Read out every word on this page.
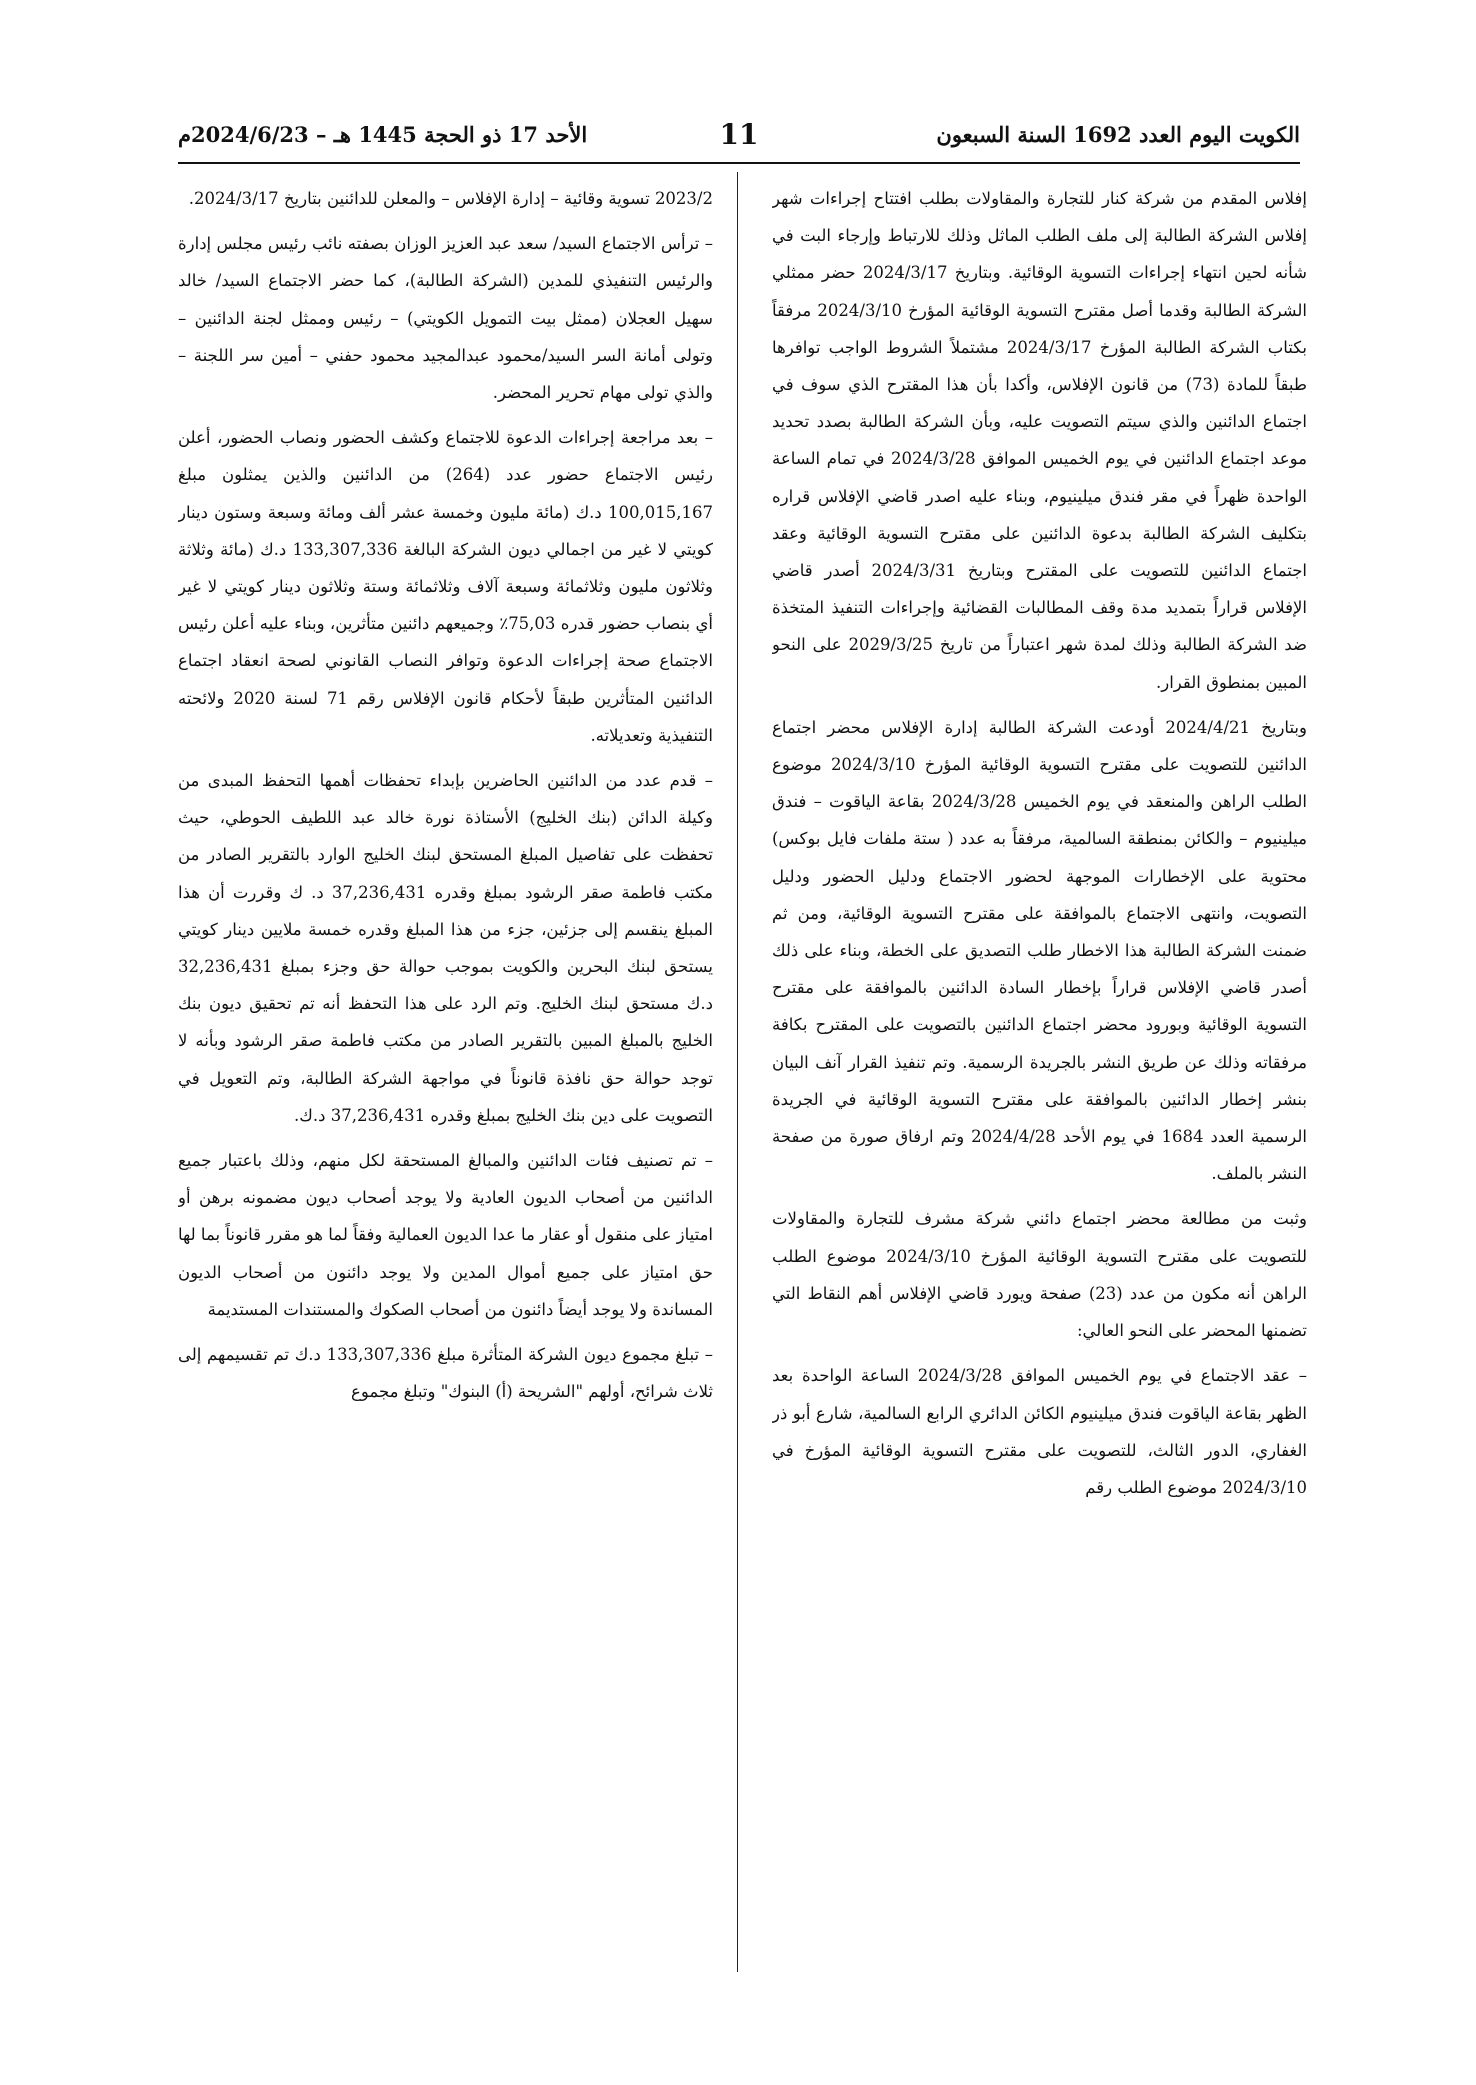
الكويت اليوم العدد 1692 السنة السبعون
11
الأحد 17 ذو الحجة 1445 هـ – 2024/6/23م

إفلاس المقدم من شركة كنار للتجارة والمقاولات بطلب افتتاح إجراءات شهر إفلاس الشركة الطالبة إلى ملف الطلب الماثل وذلك للارتباط وإرجاء البت في شأنه لحين انتهاء إجراءات التسوية الوقائية. وبتاريخ 2024/3/17 حضر ممثلي الشركة الطالبة وقدما أصل مقترح التسوية الوقائية المؤرخ 2024/3/10 مرفقاً بكتاب الشركة الطالبة المؤرخ 2024/3/17 مشتملاً الشروط الواجب توافرها طبقاً للمادة (73) من قانون الإفلاس، وأكدا بأن هذا المقترح الذي سوف في اجتماع الدائنين والذي سيتم التصويت عليه، وبأن الشركة الطالبة بصدد تحديد موعد اجتماع الدائنين في يوم الخميس الموافق 2024/3/28 في تمام الساعة الواحدة ظهراً في مقر فندق ميلينيوم، وبناء عليه اصدر قاضي الإفلاس قراره بتكليف الشركة الطالبة بدعوة الدائنين على مقترح التسوية الوقائية وعقد اجتماع الدائنين للتصويت على المقترح وبتاريخ 2024/3/31 أصدر قاضي الإفلاس قراراً بتمديد مدة وقف المطالبات القضائية وإجراءات التنفيذ المتخذة ضد الشركة الطالبة وذلك لمدة شهر اعتباراً من تاريخ 2029/3/25 على النحو المبين بمنطوق القرار.

وبتاريخ 2024/4/21 أودعت الشركة الطالبة إدارة الإفلاس محضر اجتماع الدائنين للتصويت على مقترح التسوية الوقائية المؤرخ 2024/3/10 موضوع الطلب الراهن والمنعقد في يوم الخميس 2024/3/28 بقاعة الياقوت – فندق ميلينيوم – والكائن بمنطقة السالمية، مرفقاً به عدد ( ستة ملفات فايل بوكس) محتوية على الإخطارات الموجهة لحضور الاجتماع ودليل الحضور ودليل التصويت، وانتهى الاجتماع بالموافقة على مقترح التسوية الوقائية، ومن ثم ضمنت الشركة الطالبة هذا الاخطار طلب التصديق على الخطة، وبناء على ذلك أصدر قاضي الإفلاس قراراً بإخطار السادة الدائنين بالموافقة على مقترح التسوية الوقائية وبورود محضر اجتماع الدائنين بالتصويت على المقترح بكافة مرفقاته وذلك عن طريق النشر بالجريدة الرسمية. وتم تنفيذ القرار آنف البيان بنشر إخطار الدائنين بالموافقة على مقترح التسوية الوقائية في الجريدة الرسمية العدد 1684 في يوم الأحد 2024/4/28 وتم ارفاق صورة من صفحة النشر بالملف.

وثبت من مطالعة محضر اجتماع دائني شركة مشرف للتجارة والمقاولات للتصويت على مقترح التسوية الوقائية المؤرخ 2024/3/10 موضوع الطلب الراهن أنه مكون من عدد (23) صفحة ويورد قاضي الإفلاس أهم النقاط التي تضمنها المحضر على النحو العالي:

– عقد الاجتماع في يوم الخميس الموافق 2024/3/28 الساعة الواحدة بعد الظهر بقاعة الياقوت فندق ميلينيوم الكائن الدائري الرابع السالمية، شارع أبو ذر الغفاري، الدور الثالث، للتصويت على مقترح التسوية الوقائية المؤرخ في 2024/3/10 موضوع الطلب رقم

2023/2 تسوية وقائية – إدارة الإفلاس – والمعلن للدائنين بتاريخ 2024/3/17.

– ترأس الاجتماع السيد/ سعد عبد العزيز الوزان بصفته نائب رئيس مجلس إدارة والرئيس التنفيذي للمدين (الشركة الطالبة)، كما حضر الاجتماع السيد/ خالد سهيل العجلان (ممثل بيت التمويل الكويتي) – رئيس وممثل لجنة الدائنين – وتولى أمانة السر السيد/محمود عبدالمجيد محمود حفني – أمين سر اللجنة – والذي تولى مهام تحرير المحضر.

– بعد مراجعة إجراءات الدعوة للاجتماع وكشف الحضور ونصاب الحضور، أعلن رئيس الاجتماع حضور عدد (264) من الدائنين والذين يمثلون مبلغ 100,015,167 د.ك (مائة مليون وخمسة عشر ألف ومائة وسبعة وستون دينار كويتي لا غير من اجمالي ديون الشركة البالغة 133,307,336 د.ك (مائة وثلاثة وثلاثون مليون وثلاثمائة وسبعة آلاف وثلاثمائة وستة وثلاثون دينار كويتي لا غير أي بنصاب حضور قدره 75,03٪ وجميعهم دائنين متأثرين، وبناء عليه أعلن رئيس الاجتماع صحة إجراءات الدعوة وتوافر النصاب القانوني لصحة انعقاد اجتماع الدائنين المتأثرين طبقاً لأحكام قانون الإفلاس رقم 71 لسنة 2020 ولائحته التنفيذية وتعديلاته.

– قدم عدد من الدائنين الحاضرين بإبداء تحفظات أهمها التحفظ المبدى من وكيلة الدائن (بنك الخليج) الأستاذة نورة خالد عبد اللطيف الحوطي، حيث تحفظت على تفاصيل المبلغ المستحق لبنك الخليج الوارد بالتقرير الصادر من مكتب فاطمة صقر الرشود بمبلغ وقدره 37,236,431 د. ك وقررت أن هذا المبلغ ينقسم إلى جزئين، جزء من هذا المبلغ وقدره خمسة ملايين دينار كويتي يستحق لبنك البحرين والكويت بموجب حوالة حق وجزء بمبلغ 32,236,431 د.ك مستحق لبنك الخليج. وتم الرد على هذا التحفظ أنه تم تحقيق ديون بنك الخليج بالمبلغ المبين بالتقرير الصادر من مكتب فاطمة صقر الرشود وبأنه لا توجد حوالة حق نافذة قانوناً في مواجهة الشركة الطالبة، وتم التعويل في التصويت على دين بنك الخليج بمبلغ وقدره 37,236,431 د.ك.

– تم تصنيف فئات الدائنين والمبالغ المستحقة لكل منهم، وذلك باعتبار جميع الدائنين من أصحاب الديون العادية ولا يوجد أصحاب ديون مضمونه برهن أو امتياز على منقول أو عقار ما عدا الديون العمالية وفقاً لما هو مقرر قانوناً بما لها حق امتياز على جميع أموال المدين ولا يوجد دائنون من أصحاب الديون المساندة ولا يوجد أيضاً دائنون من أصحاب الصكوك والمستندات المستديمة

– تبلغ مجموع ديون الشركة المتأثرة مبلغ 133,307,336 د.ك تم تقسيمهم إلى ثلاث شرائح، أولهم "الشريحة (أ) البنوك" وتبلغ مجموع
